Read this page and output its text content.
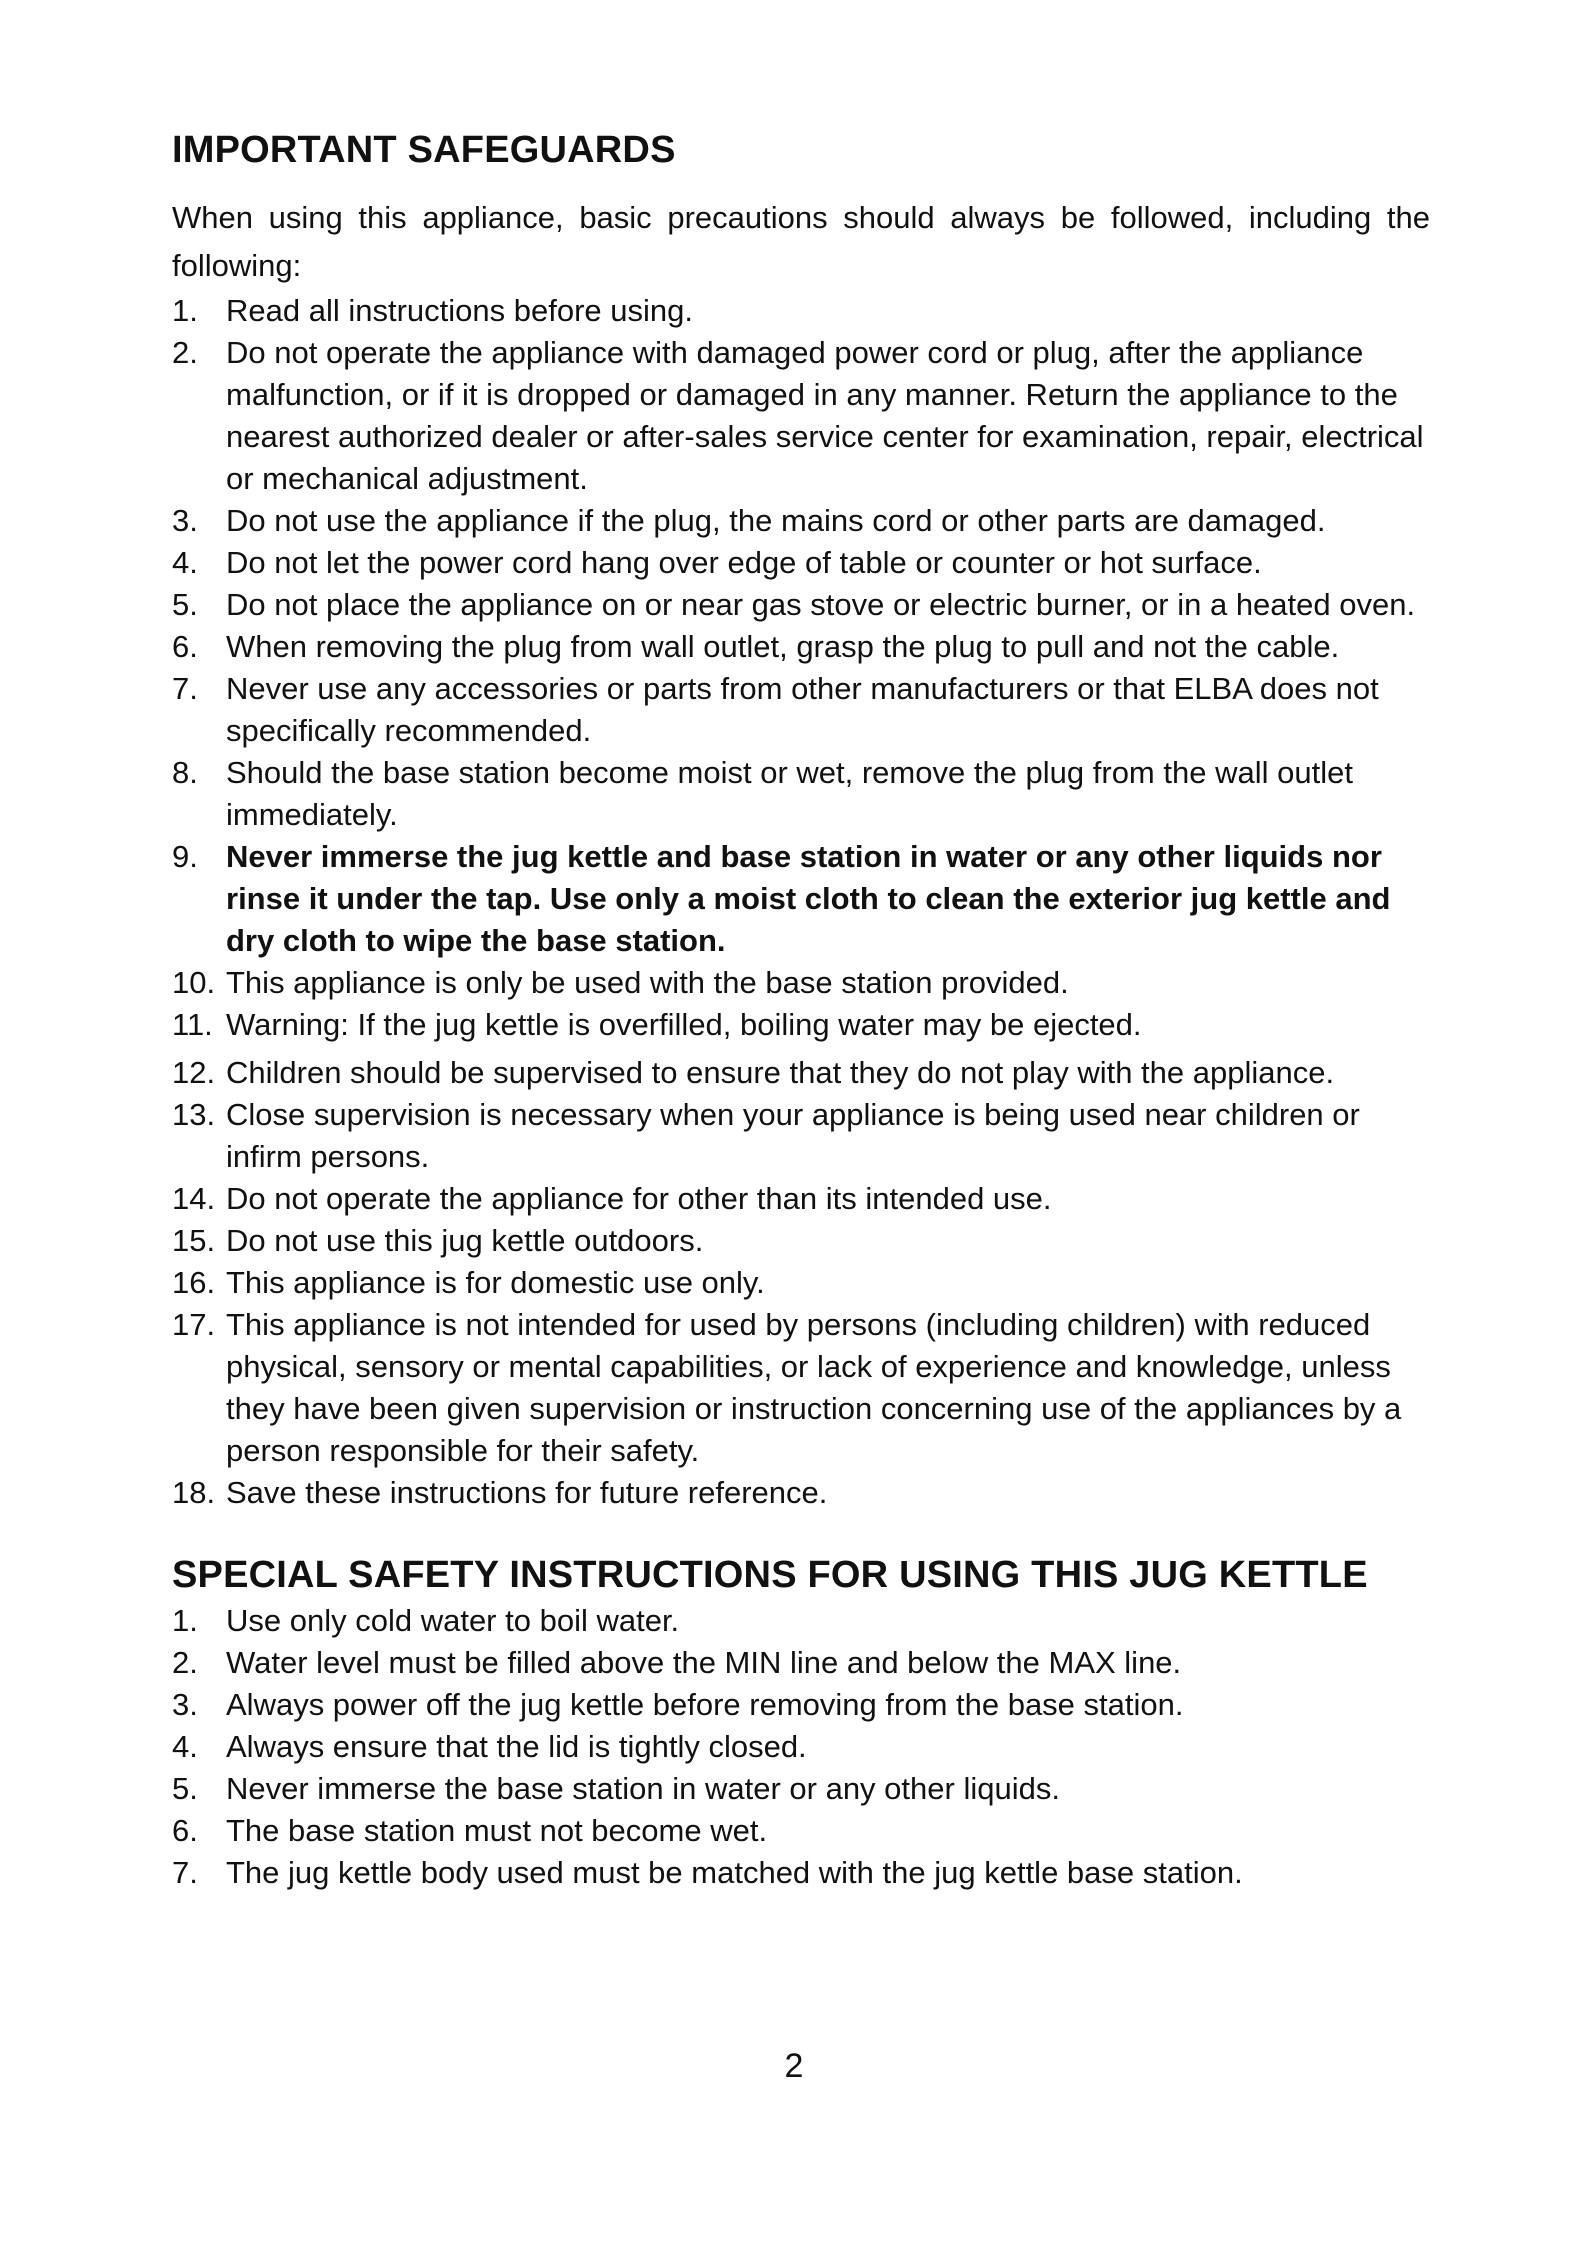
IMPORTANT SAFEGUARDS

When using this appliance, basic precautions should always be followed, including the following:

1. Read all instructions before using.
2. Do not operate the appliance with damaged power cord or plug, after the appliance malfunction, or if it is dropped or damaged in any manner. Return the appliance to the nearest authorized dealer or after-sales service center for examination, repair, electrical or mechanical adjustment.
3. Do not use the appliance if the plug, the mains cord or other parts are damaged.
4. Do not let the power cord hang over edge of table or counter or hot surface.
5. Do not place the appliance on or near gas stove or electric burner, or in a heated oven.
6. When removing the plug from wall outlet, grasp the plug to pull and not the cable.
7. Never use any accessories or parts from other manufacturers or that ELBA does not specifically recommended.
8. Should the base station become moist or wet, remove the plug from the wall outlet immediately.
9. Never immerse the jug kettle and base station in water or any other liquids nor rinse it under the tap. Use only a moist cloth to clean the exterior jug kettle and dry cloth to wipe the base station.
10. This appliance is only be used with the base station provided.
11. Warning: If the jug kettle is overfilled, boiling water may be ejected.
12. Children should be supervised to ensure that they do not play with the appliance.
13. Close supervision is necessary when your appliance is being used near children or infirm persons.
14. Do not operate the appliance for other than its intended use.
15. Do not use this jug kettle outdoors.
16. This appliance is for domestic use only.
17. This appliance is not intended for used by persons (including children) with reduced physical, sensory or mental capabilities, or lack of experience and knowledge, unless they have been given supervision or instruction concerning use of the appliances by a person responsible for their safety.
18. Save these instructions for future reference.
SPECIAL SAFETY INSTRUCTIONS FOR USING THIS JUG KETTLE
1. Use only cold water to boil water.
2. Water level must be filled above the MIN line and below the MAX line.
3. Always power off the jug kettle before removing from the base station.
4. Always ensure that the lid is tightly closed.
5. Never immerse the base station in water or any other liquids.
6. The base station must not become wet.
7. The jug kettle body used must be matched with the jug kettle base station.
2
